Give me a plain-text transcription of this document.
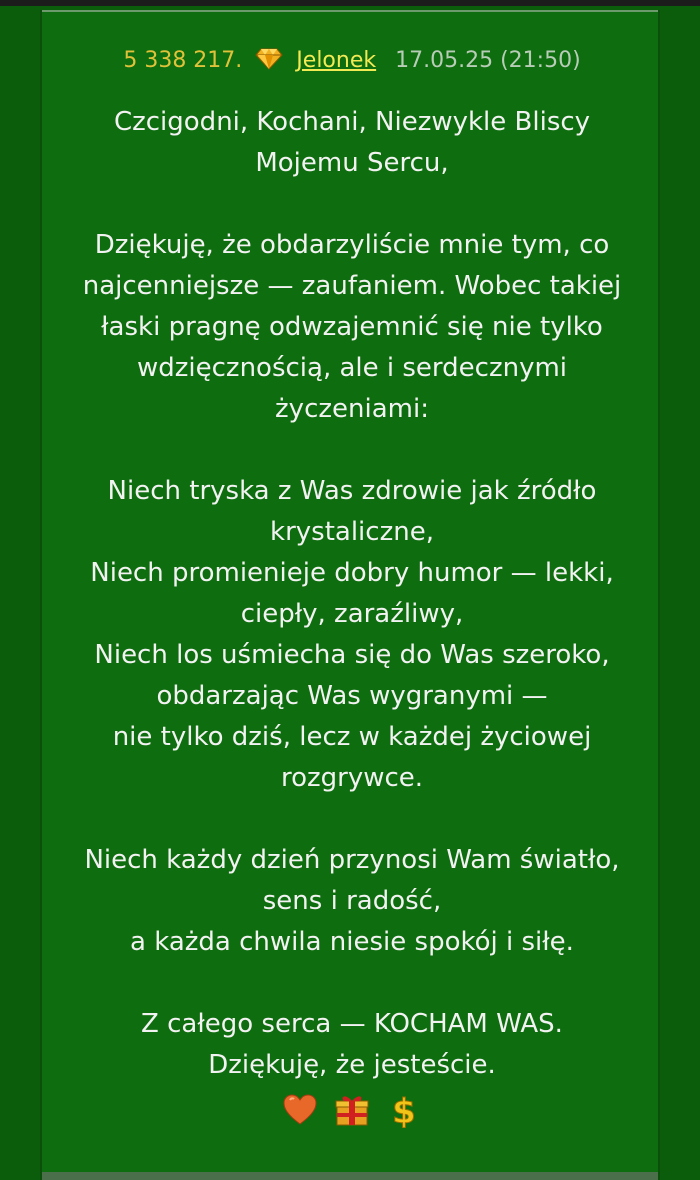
5 338 217. Jelonek 17.05.25 (21:50)
Czcigodni, Kochani, Niezwykle Bliscy
Mojemu Sercu,
Dziękuję, że obdarzyliście mnie tym, co
najcenniejsze — zaufaniem. Wobec takiej
łaski pragnę odwzajemnić się nie tylko
wdzięcznością, ale i serdecznymi
życzeniami:
Niech tryska z Was zdrowie jak źródło
krystaliczne,
Niech promienieje dobry humor — lekki,
ciepły, zaraźliwy,
Niech los uśmiecha się do Was szeroko,
obdarzając Was wygranymi —
nie tylko dziś, lecz w każdej życiowej
rozgrywce.
Niech każdy dzień przynosi Wam światło,
sens i radość,
a każda chwila niesie spokój i siłę.
Z całego serca — KOCHAM WAS.
Dziękuję, że jesteście.

$
